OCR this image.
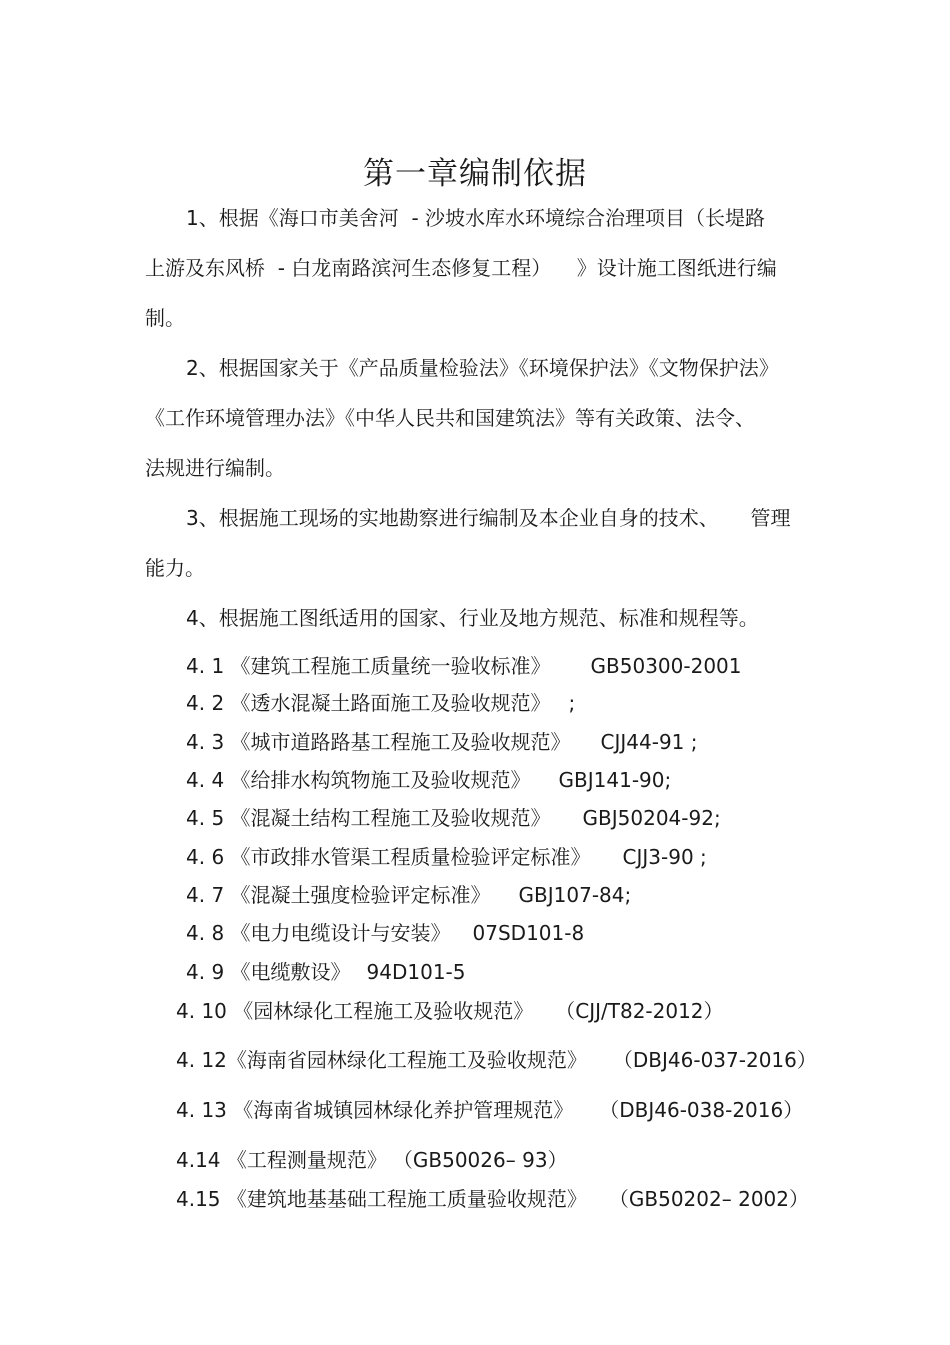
第一章编制依据
1、根据《海口市美舍河  - 沙坡水库水环境综合治理项目（长堤路
上游及东风桥  - 白龙南路滨河生态修复工程）    》设计施工图纸进行编
制。
2、根据国家关于《产品质量检验法》《环境保护法》《文物保护法》
《工作环境管理办法》《中华人民共和国建筑法》等有关政策、法令、
法规进行编制。
3、根据施工现场的实地勘察进行编制及本企业自身的技术、     管理
能力。
4、根据施工图纸适用的国家、行业及地方规范、标准和规程等。
4. 1 《建筑工程施工质量统一验收标准》 GB50300-2001
4. 2 《透水混凝土路面施工及验收规范》 ;
4. 3 《城市道路路基工程施工及验收规范》 CJJ44-91 ;
4. 4 《给排水构筑物施工及验收规范》 GBJ141-90;
4. 5 《混凝土结构工程施工及验收规范》 GBJ50204-92;
4. 6 《市政排水管渠工程质量检验评定标准》 CJJ3-90 ;
4. 7 《混凝土强度检验评定标准》 GBJ107-84;
4. 8 《电力电缆设计与安装》 07SD101-8
4. 9 《电缆敷设》 94D101-5
4. 10 《园林绿化工程施工及验收规范》 （CJJ/T82-2012）
4. 12《海南省园林绿化工程施工及验收规范》 （DBJ46-037-2016）
4. 13 《海南省城镇园林绿化养护管理规范》 （DBJ46-038-2016）
4.14 《工程测量规范》 （GB50026– 93）
4.15 《建筑地基基础工程施工质量验收规范》 （GB50202– 2002）
